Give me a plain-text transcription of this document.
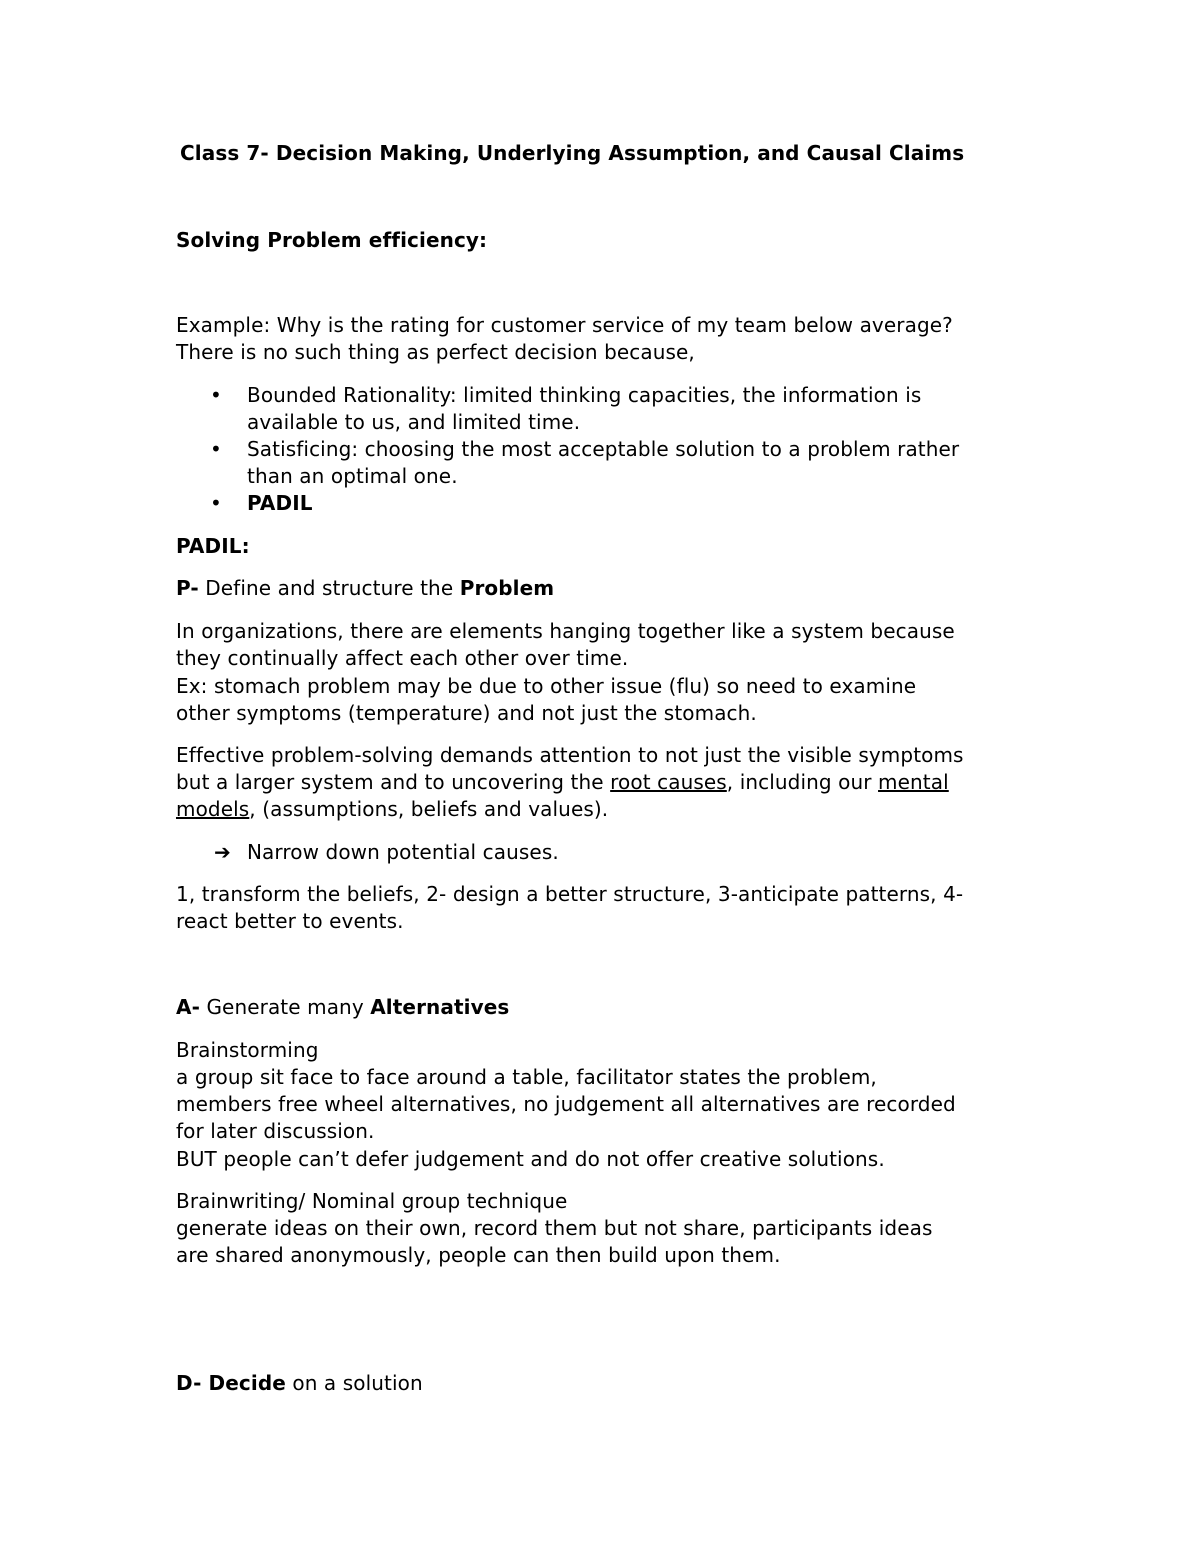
Class 7- Decision Making, Underlying Assumption, and Causal Claims
Solving Problem efficiency:
Example: Why is the rating for customer service of my team below average?
There is no such thing as perfect decision because,
• Bounded Rationality: limited thinking capacities, the information is
available to us, and limited time.
• Satisficing: choosing the most acceptable solution to a problem rather
than an optimal one.
• PADIL
PADIL:
P- Define and structure the Problem
In organizations, there are elements hanging together like a system because
they continually affect each other over time.
Ex: stomach problem may be due to other issue (flu) so need to examine
other symptoms (temperature) and not just the stomach.
Effective problem-solving demands attention to not just the visible symptoms
but a larger system and to uncovering the root causes, including our mental
models, (assumptions, beliefs and values).
➔ Narrow down potential causes.
1, transform the beliefs, 2- design a better structure, 3-anticipate patterns, 4-
react better to events.
A- Generate many Alternatives
Brainstorming
a group sit face to face around a table, facilitator states the problem,
members free wheel alternatives, no judgement all alternatives are recorded
for later discussion.
BUT people can’t defer judgement and do not offer creative solutions.
Brainwriting/ Nominal group technique
generate ideas on their own, record them but not share, participants ideas
are shared anonymously, people can then build upon them.
D- Decide on a solution
